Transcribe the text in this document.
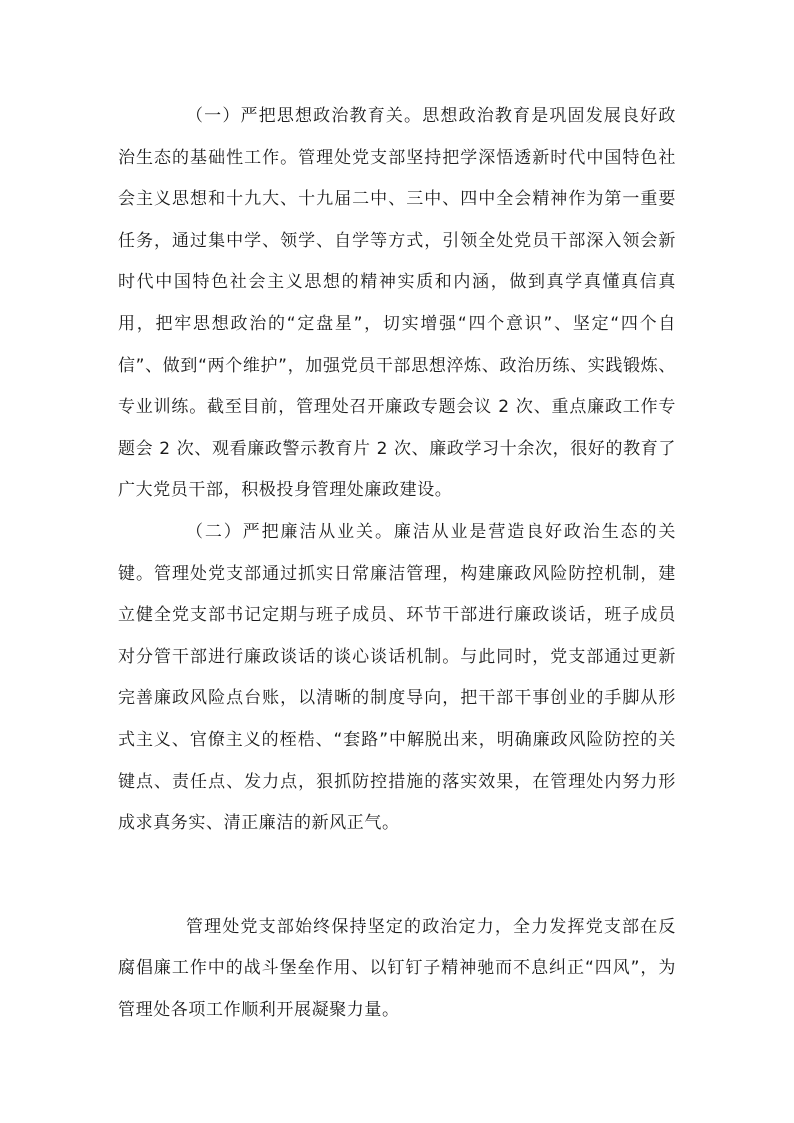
（一）严把思想政治教育关。思想政治教育是巩固发展良好政治生态的基础性工作。管理处党支部坚持把学深悟透新时代中国特色社会主义思想和十九大、十九届二中、三中、四中全会精神作为第一重要任务，通过集中学、领学、自学等方式，引领全处党员干部深入领会新时代中国特色社会主义思想的精神实质和内涵，做到真学真懂真信真用，把牢思想政治的“定盘星”，切实增强“四个意识”、坚定“四个自信”、做到“两个维护”，加强党员干部思想淬炼、政治历练、实践锻炼、专业训练。截至目前，管理处召开廉政专题会议 2 次、重点廉政工作专题会 2 次、观看廉政警示教育片 2 次、廉政学习十余次，很好的教育了广大党员干部，积极投身管理处廉政建设。

（二）严把廉洁从业关。廉洁从业是营造良好政治生态的关键。管理处党支部通过抓实日常廉洁管理，构建廉政风险防控机制，建立健全党支部书记定期与班子成员、环节干部进行廉政谈话，班子成员对分管干部进行廉政谈话的谈心谈话机制。与此同时，党支部通过更新完善廉政风险点台账，以清晰的制度导向，把干部干事创业的手脚从形式主义、官僚主义的桎梏、“套路”中解脱出来，明确廉政风险防控的关键点、责任点、发力点，狠抓防控措施的落实效果，在管理处内努力形成求真务实、清正廉洁的新风正气。

管理处党支部始终保持坚定的政治定力，全力发挥党支部在反腐倡廉工作中的战斗堡垒作用、以钉钉子精神驰而不息纠正“四风”，为管理处各项工作顺利开展凝聚力量。
